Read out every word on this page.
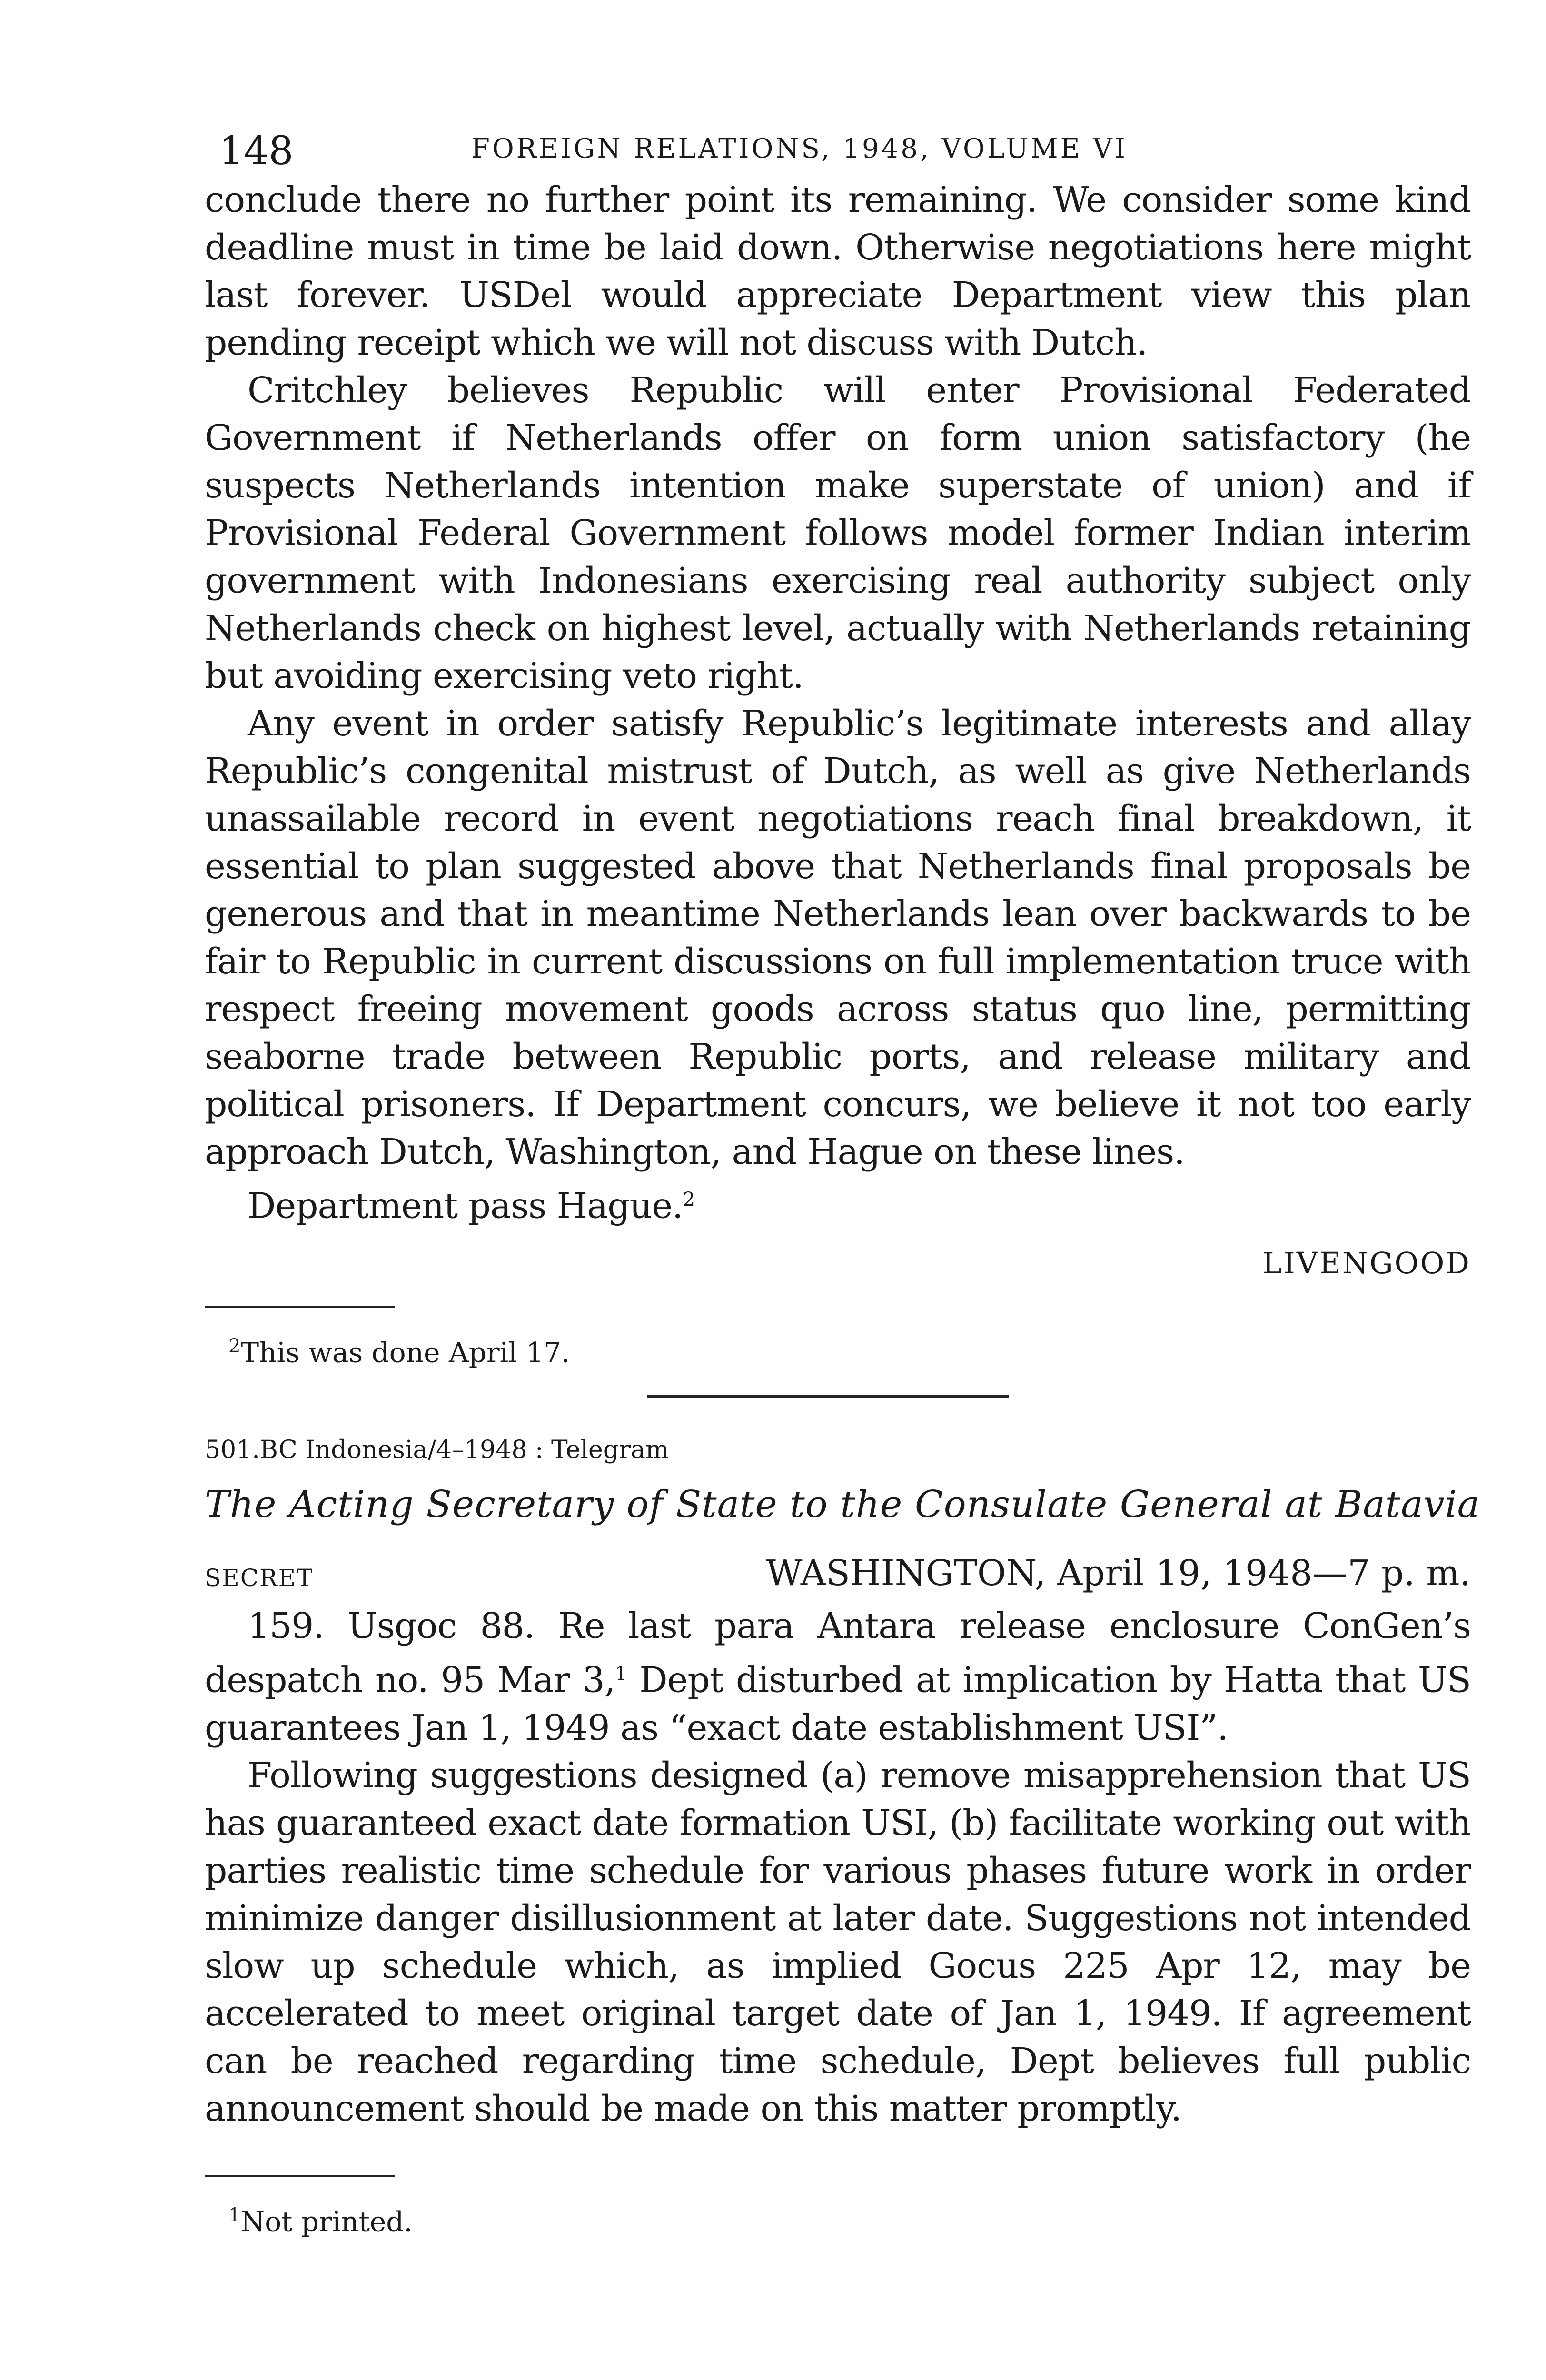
148	FOREIGN RELATIONS, 1948, VOLUME VI

conclude there no further point its remaining. We consider some kind deadline must in time be laid down. Otherwise negotiations here might last forever. USDel would appreciate Department view this plan pending receipt which we will not discuss with Dutch.

Critchley believes Republic will enter Provisional Federated Government if Netherlands offer on form union satisfactory (he suspects Netherlands intention make superstate of union) and if Provisional Federal Government follows model former Indian interim government with Indonesians exercising real authority subject only Netherlands check on highest level, actually with Netherlands retaining but avoiding exercising veto right.

Any event in order satisfy Republic’s legitimate interests and allay Republic’s congenital mistrust of Dutch, as well as give Netherlands unassailable record in event negotiations reach final breakdown, it essential to plan suggested above that Netherlands final proposals be generous and that in meantime Netherlands lean over backwards to be fair to Republic in current discussions on full implementation truce with respect freeing movement goods across status quo line, permitting seaborne trade between Republic ports, and release military and political prisoners. If Department concurs, we believe it not too early approach Dutch, Washington, and Hague on these lines.

Department pass Hague.$^2$

LIVENGOOD
$^2$This was done April 17.
501.BC Indonesia/4–1948 : Telegram
The Acting Secretary of State to the Consulate General at Batavia
SECRET	WASHINGTON, April 19, 1948—7 p. m.

159. Usgoc 88. Re last para Antara release enclosure ConGen’s despatch no. 95 Mar 3,$^1$ Dept disturbed at implication by Hatta that US guarantees Jan 1, 1949 as “exact date establishment USI”.

Following suggestions designed (a) remove misapprehension that US has guaranteed exact date formation USI, (b) facilitate working out with parties realistic time schedule for various phases future work in order minimize danger disillusionment at later date. Suggestions not intended slow up schedule which, as implied Gocus 225 Apr 12, may be accelerated to meet original target date of Jan 1, 1949. If agreement can be reached regarding time schedule, Dept believes full public announcement should be made on this matter promptly.

$^1$Not printed.
